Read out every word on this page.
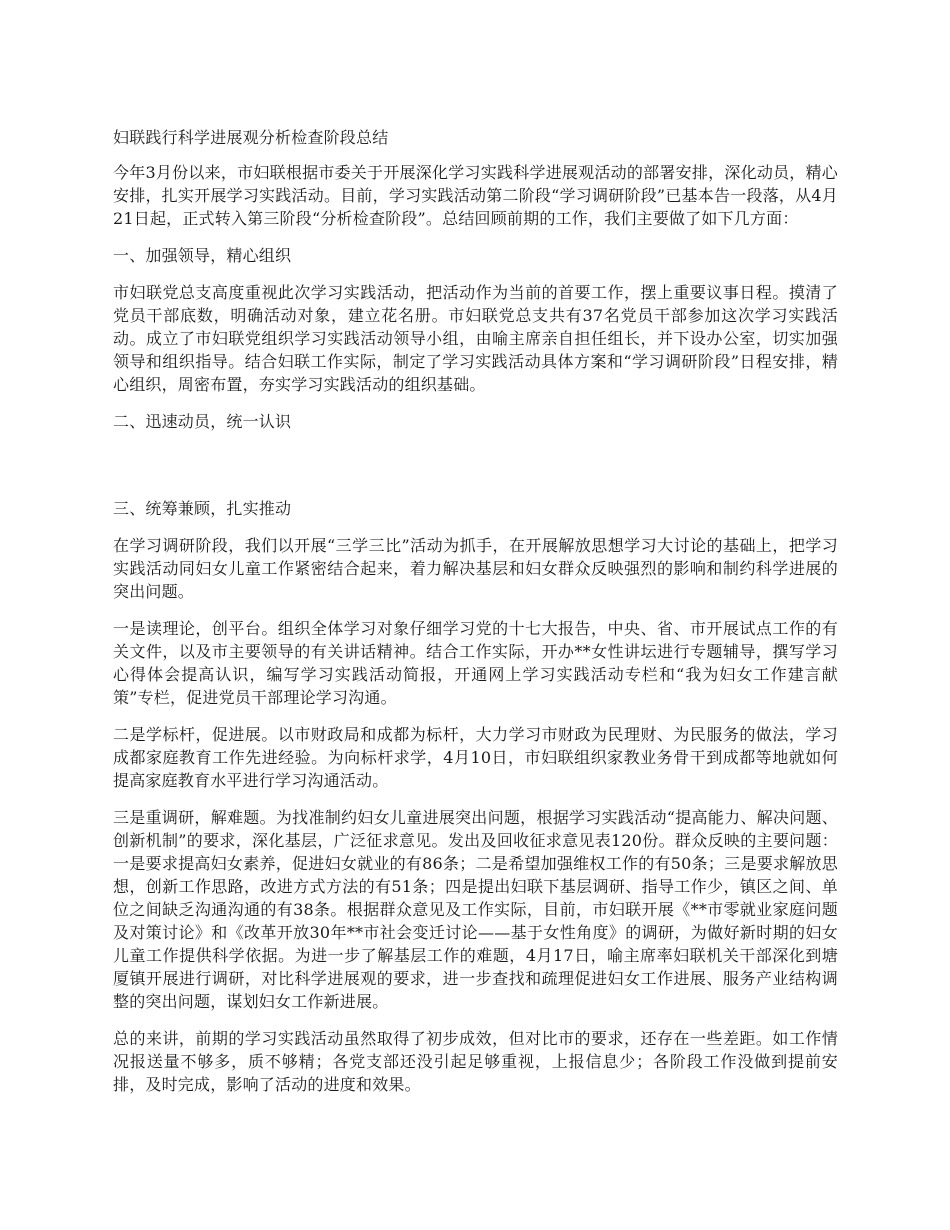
妇联践行科学进展观分析检查阶段总结

今年3月份以来，市妇联根据市委关于开展深化学习实践科学进展观活动的部署安排，深化动员，精心安排，扎实开展学习实践活动。目前，学习实践活动第二阶段“学习调研阶段”已基本告一段落，从4月21日起，正式转入第三阶段“分析检查阶段”。总结回顾前期的工作，我们主要做了如下几方面：

一、加强领导，精心组织

市妇联党总支高度重视此次学习实践活动，把活动作为当前的首要工作，摆上重要议事日程。摸清了党员干部底数，明确活动对象，建立花名册。市妇联党总支共有37名党员干部参加这次学习实践活动。成立了市妇联党组织学习实践活动领导小组，由喻主席亲自担任组长，并下设办公室，切实加强领导和组织指导。结合妇联工作实际，制定了学习实践活动具体方案和“学习调研阶段”日程安排，精心组织，周密布置，夯实学习实践活动的组织基础。

二、迅速动员，统一认识

三、统筹兼顾，扎实推动

在学习调研阶段，我们以开展“三学三比”活动为抓手，在开展解放思想学习大讨论的基础上，把学习实践活动同妇女儿童工作紧密结合起来，着力解决基层和妇女群众反映强烈的影响和制约科学进展的突出问题。

一是读理论，创平台。组织全体学习对象仔细学习党的十七大报告，中央、省、市开展试点工作的有关文件，以及市主要领导的有关讲话精神。结合工作实际，开办**女性讲坛进行专题辅导，撰写学习心得体会提高认识，编写学习实践活动简报，开通网上学习实践活动专栏和“我为妇女工作建言献策”专栏，促进党员干部理论学习沟通。

二是学标杆，促进展。以市财政局和成都为标杆，大力学习市财政为民理财、为民服务的做法，学习成都家庭教育工作先进经验。为向标杆求学，4月10日，市妇联组织家教业务骨干到成都等地就如何提高家庭教育水平进行学习沟通活动。

三是重调研，解难题。为找准制约妇女儿童进展突出问题，根据学习实践活动“提高能力、解决问题、创新机制”的要求，深化基层，广泛征求意见。发出及回收征求意见表120份。群众反映的主要问题：一是要求提高妇女素养，促进妇女就业的有86条；二是希望加强维权工作的有50条；三是要求解放思想，创新工作思路，改进方式方法的有51条；四是提出妇联下基层调研、指导工作少，镇区之间、单位之间缺乏沟通沟通的有38条。根据群众意见及工作实际，目前，市妇联开展《**市零就业家庭问题及对策讨论》和《改革开放30年**市社会变迁讨论——基于女性角度》的调研，为做好新时期的妇女儿童工作提供科学依据。为进一步了解基层工作的难题，4月17日，喻主席率妇联机关干部深化到塘厦镇开展进行调研，对比科学进展观的要求，进一步查找和疏理促进妇女工作进展、服务产业结构调整的突出问题，谋划妇女工作新进展。

总的来讲，前期的学习实践活动虽然取得了初步成效，但对比市的要求，还存在一些差距。如工作情况报送量不够多，质不够精；各党支部还没引起足够重视，上报信息少；各阶段工作没做到提前安排，及时完成，影响了活动的进度和效果。
